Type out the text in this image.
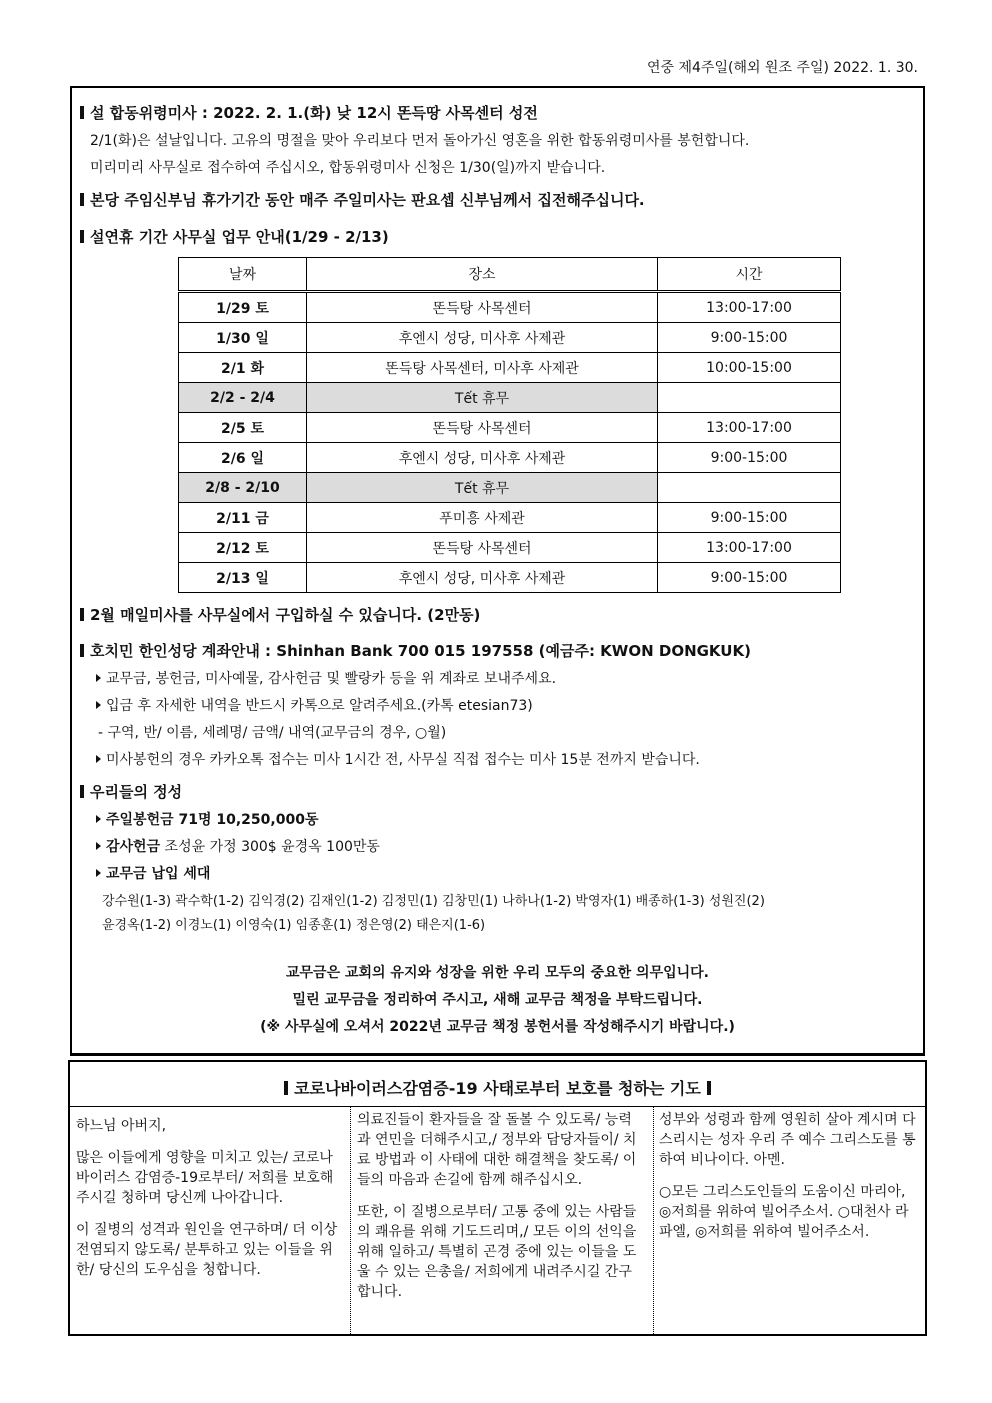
연중 제4주일(해외 원조 주일) 2022. 1. 30.
설 합동위령미사 : 2022. 2. 1.(화) 낮 12시 똔득땅 사목센터 성전
2/1(화)은 설날입니다. 고유의 명절을 맞아 우리보다 먼저 돌아가신 영혼을 위한 합동위령미사를 봉헌합니다.
미리미리 사무실로 접수하여 주십시오, 합동위령미사 신청은 1/30(일)까지 받습니다.
본당 주임신부님 휴가기간 동안 매주 주일미사는 판요셉 신부님께서 집전해주십니다.
설연휴 기간 사무실 업무 안내(1/29 - 2/13)
날짜	장소	시간
1/29 토	똔득탕 사목센터	13:00-17:00
1/30 일	후엔시 성당, 미사후 사제관	9:00-15:00
2/1 화	똔득탕 사목센터, 미사후 사제관	10:00-15:00
2/2 - 2/4	Tết 휴무	
2/5 토	똔득탕 사목센터	13:00-17:00
2/6 일	후엔시 성당, 미사후 사제관	9:00-15:00
2/8 - 2/10	Tết 휴무	
2/11 금	푸미흥 사제관	9:00-15:00
2/12 토	똔득탕 사목센터	13:00-17:00
2/13 일	후엔시 성당, 미사후 사제관	9:00-15:00
2월 매일미사를 사무실에서 구입하실 수 있습니다. (2만동)
호치민 한인성당 계좌안내 : Shinhan Bank 700 015 197558 (예금주: KWON DONGKUK)
교무금, 봉헌금, 미사예물, 감사헌금 및 빨랑카 등을 위 계좌로 보내주세요.
입금 후 자세한 내역을 반드시 카톡으로 알려주세요.(카톡 etesian73)
- 구역, 반/ 이름, 세례명/ 금액/ 내역(교무금의 경우, ○월)
미사봉헌의 경우 카카오톡 접수는 미사 1시간 전, 사무실 직접 접수는 미사 15분 전까지 받습니다.
우리들의 정성
주일봉헌금 71명 10,250,000동
감사헌금 조성윤 가정 300$ 윤경옥 100만동
교무금 납입 세대
강수원(1-3) 곽수학(1-2) 김익경(2) 김재인(1-2) 김정민(1) 김창민(1) 나하나(1-2) 박영자(1) 배종하(1-3) 성원진(2)
윤경옥(1-2) 이경노(1) 이영숙(1) 임종훈(1) 정은영(2) 태은지(1-6)
교무금은 교회의 유지와 성장을 위한 우리 모두의 중요한 의무입니다.
밀린 교무금을 정리하여 주시고, 새해 교무금 책정을 부탁드립니다.
(※ 사무실에 오셔서 2022년 교무금 책정 봉헌서를 작성해주시기 바랍니다.)
코로나바이러스감염증-19 사태로부터 보호를 청하는 기도

하느님 아버지,

많은 이들에게 영향을 미치고 있는/ 코로나 바이러스 감염증-19로부터/ 저희를 보호해주시길 청하며 당신께 나아갑니다.

이 질병의 성격과 원인을 연구하며/ 더 이상 전염되지 않도록/ 분투하고 있는 이들을 위한/ 당신의 도우심을 청합니다.

의료진들이 환자들을 잘 돌볼 수 있도록/ 능력과 연민을 더해주시고,/ 정부와 담당자들이/ 치료 방법과 이 사태에 대한 해결책을 찾도록/ 이들의 마음과 손길에 함께 해주십시오.

또한, 이 질병으로부터/ 고통 중에 있는 사람들의 쾌유를 위해 기도드리며,/ 모든 이의 선익을 위해 일하고/ 특별히 곤경 중에 있는 이들을 도울 수 있는 은총을/ 저희에게 내려주시길 간구합니다.

성부와 성령과 함께 영원히 살아 계시며 다스리시는 성자 우리 주 예수 그리스도를 통하여 비나이다. 아멘.

○모든 그리스도인들의 도움이신 마리아, ◎저희를 위하여 빌어주소서. ○대천사 라파엘, ◎저희를 위하여 빌어주소서.
